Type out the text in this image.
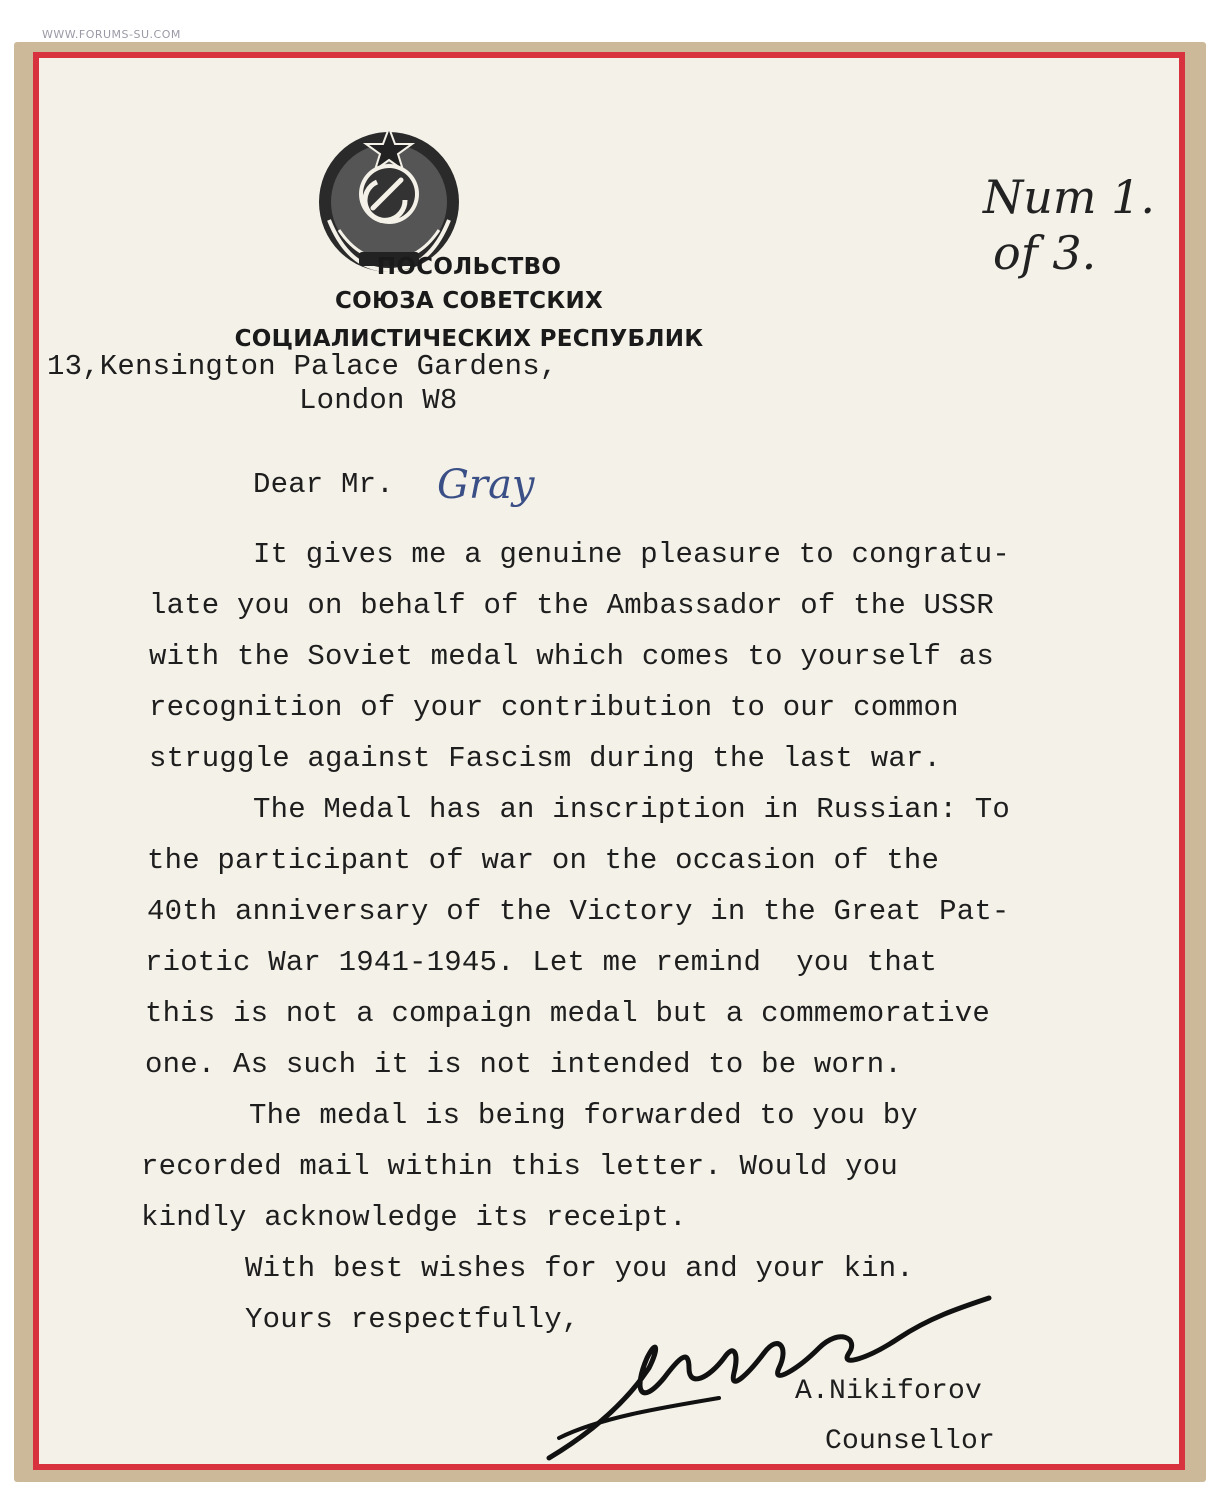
WWW.FORUMS-SU.COM
ПОСОЛЬСТВО
СОЮЗА СОВЕТСКИХ
СОЦИАЛИСТИЧЕСКИХ РЕСПУБЛИК
Num 1.
of 3.
13,Kensington Palace Gardens,
London W8
Dear Mr. Gray
It gives me a genuine pleasure to congratu-
late you on behalf of the Ambassador of the USSR
with the Soviet medal which comes to yourself as
recognition of your contribution to our common
struggle against Fascism during the last war.
The Medal has an inscription in Russian: To
the participant of war on the occasion of the
40th anniversary of the Victory in the Great Pat-
riotic War 1941-1945. Let me remind  you that
this is not a compaign medal but a commemorative
one. As such it is not intended to be worn.
The medal is being forwarded to you by
recorded mail within this letter. Would you
kindly acknowledge its receipt.
With best wishes for you and your kin.
Yours respectfully,
A.Nikiforov
Counsellor
